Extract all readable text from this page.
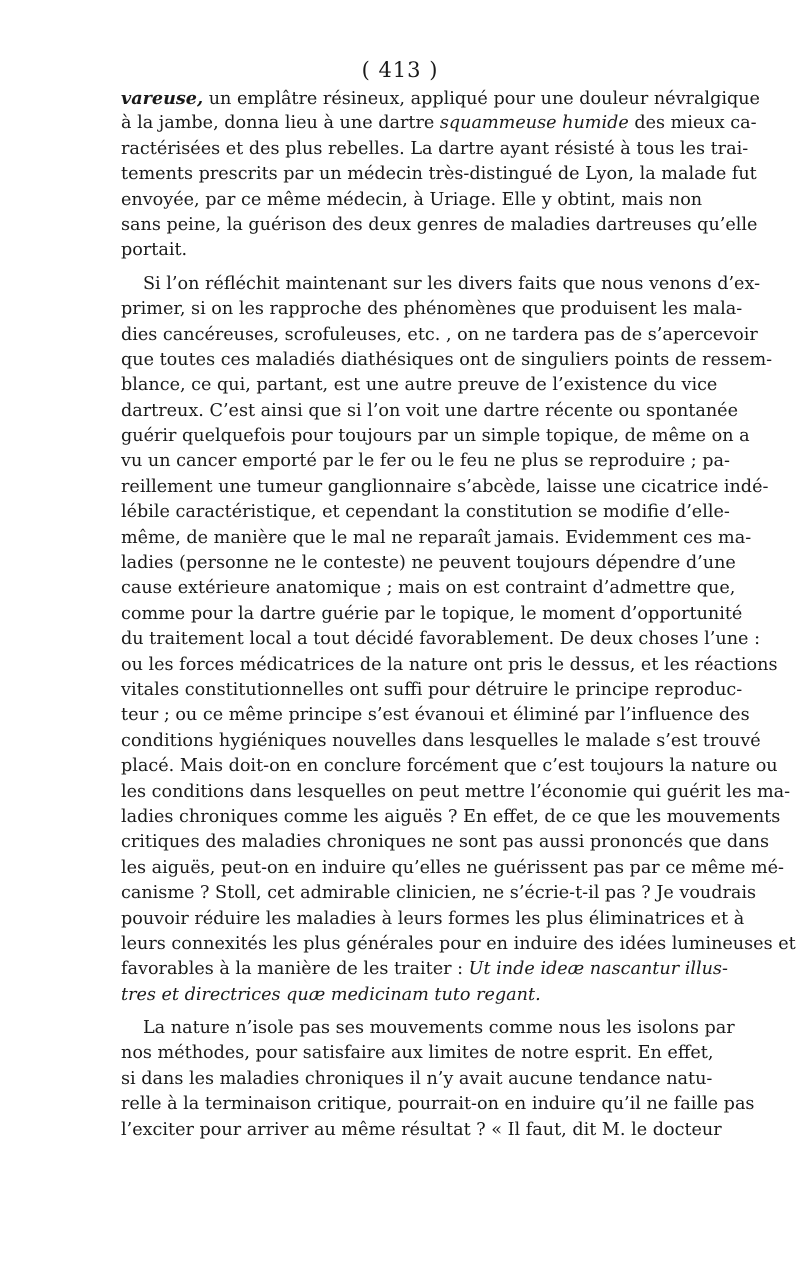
( 413 )
vareuse, un emplâtre résineux, appliqué pour une douleur névralgique
à la jambe, donna lieu à une dartre squammeuse humide des mieux ca-
ractérisées et des plus rebelles. La dartre ayant résisté à tous les trai-
tements prescrits par un médecin très-distingué de Lyon, la malade fut
envoyée, par ce même médecin, à Uriage. Elle y obtint, mais non
sans peine, la guérison des deux genres de maladies dartreuses qu’elle
portait.
Si l’on réfléchit maintenant sur les divers faits que nous venons d’ex-
primer, si on les rapproche des phénomènes que produisent les mala-
dies cancéreuses, scrofuleuses, etc. , on ne tardera pas de s’apercevoir
que toutes ces maladiés diathésiques ont de singuliers points de ressem-
blance, ce qui, partant, est une autre preuve de l’existence du vice
dartreux. C’est ainsi que si l’on voit une dartre récente ou spontanée
guérir quelquefois pour toujours par un simple topique, de même on a
vu un cancer emporté par le fer ou le feu ne plus se reproduire ; pa-
reillement une tumeur ganglionnaire s’abcède, laisse une cicatrice indé-
lébile caractéristique, et cependant la constitution se modifie d’elle-
même, de manière que le mal ne reparaît jamais. Evidemment ces ma-
ladies (personne ne le conteste) ne peuvent toujours dépendre d’une
cause extérieure anatomique ; mais on est contraint d’admettre que,
comme pour la dartre guérie par le topique, le moment d’opportunité
du traitement local a tout décidé favorablement. De deux choses l’une :
ou les forces médicatrices de la nature ont pris le dessus, et les réactions
vitales constitutionnelles ont suffi pour détruire le principe reproduc-
teur ; ou ce même principe s’est évanoui et éliminé par l’influence des
conditions hygiéniques nouvelles dans lesquelles le malade s’est trouvé
placé. Mais doit-on en conclure forcément que c’est toujours la nature ou
les conditions dans lesquelles on peut mettre l’économie qui guérit les ma-
ladies chroniques comme les aiguës ? En effet, de ce que les mouvements
critiques des maladies chroniques ne sont pas aussi prononcés que dans
les aiguës, peut-on en induire qu’elles ne guérissent pas par ce même mé-
canisme ? Stoll, cet admirable clinicien, ne s’écrie-t-il pas ? Je voudrais
pouvoir réduire les maladies à leurs formes les plus éliminatrices et à
leurs connexités les plus générales pour en induire des idées lumineuses et
favorables à la manière de les traiter : Ut inde ideæ nascantur illus-
tres et directrices quæ medicinam tuto regant.
La nature n’isole pas ses mouvements comme nous les isolons par
nos méthodes, pour satisfaire aux limites de notre esprit. En effet,
si dans les maladies chroniques il n’y avait aucune tendance natu-
relle à la terminaison critique, pourrait-on en induire qu’il ne faille pas
l’exciter pour arriver au même résultat ? « Il faut, dit M. le docteur
